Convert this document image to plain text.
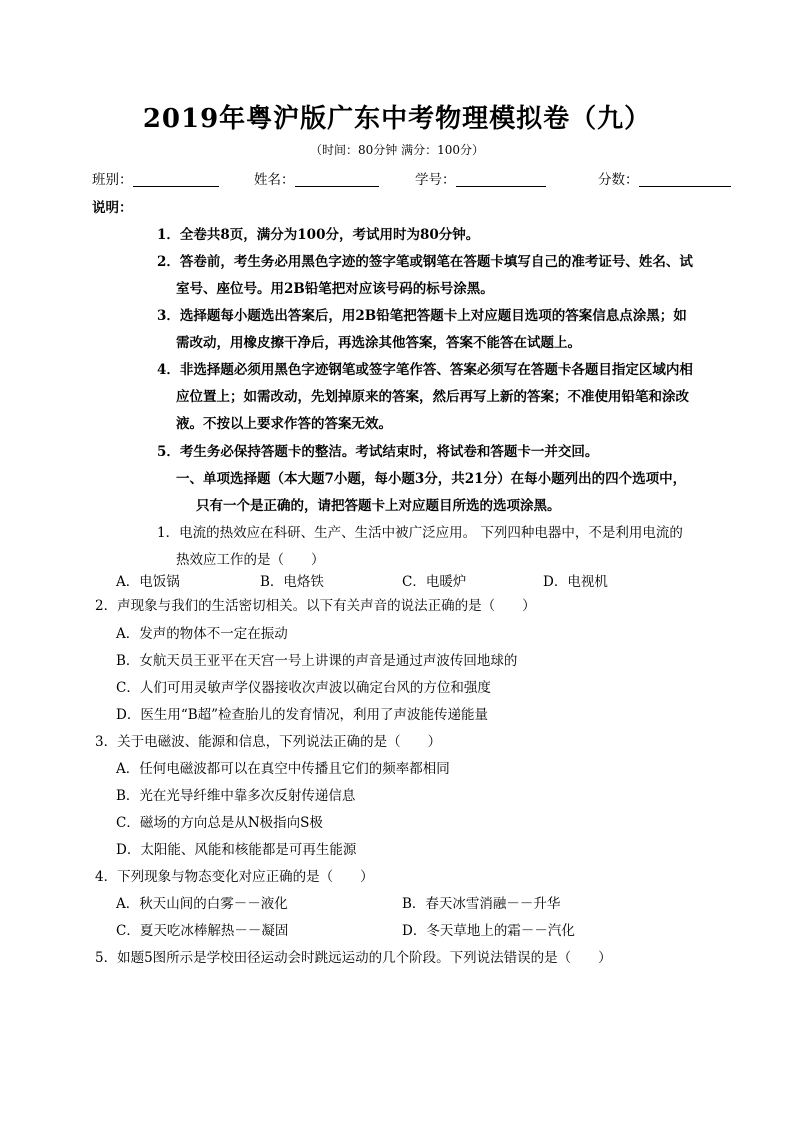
2019年粤沪版广东中考物理模拟卷（九）
（时间：80分钟 满分：100分）
班别：	姓名：	学号：	分数：
说明：
1．全卷共8页，满分为100分，考试用时为80分钟。
2．答卷前，考生务必用黑色字迹的签字笔或钢笔在答题卡填写自己的准考证号、姓名、试
室号、座位号。用2B铅笔把对应该号码的标号涂黑。
3．选择题每小题选出答案后，用2B铅笔把答题卡上对应题目选项的答案信息点涂黑；如
需改动，用橡皮擦干净后，再选涂其他答案，答案不能答在试题上。
4．非选择题必须用黑色字迹钢笔或签字笔作答、答案必须写在答题卡各题目指定区域内相
应位置上；如需改动，先划掉原来的答案，然后再写上新的答案；不准使用铅笔和涂改
液。不按以上要求作答的答案无效。
5．考生务必保持答题卡的整洁。考试结束时，将试卷和答题卡一并交回。
一、单项选择题（本大题7小题，每小题3分，共21分）在每小题列出的四个选项中，
只有一个是正确的，请把答题卡上对应题目所选的选项涂黑。
1．电流的热效应在科研、生产、生活中被广泛应用。 下列四种电器中，不是利用电流的
热效应工作的是（　　）
A．电饭锅	B．电烙铁	C．电暖炉	D．电视机
2．声现象与我们的生活密切相关。以下有关声音的说法正确的是（　　）
A．发声的物体不一定在振动
B．女航天员王亚平在天宫一号上讲课的声音是通过声波传回地球的
C．人们可用灵敏声学仪器接收次声波以确定台风的方位和强度
D．医生用“B超”检查胎儿的发育情况，利用了声波能传递能量
3．关于电磁波、能源和信息，下列说法正确的是（　　）
A．任何电磁波都可以在真空中传播且它们的频率都相同
B．光在光导纤维中靠多次反射传递信息
C．磁场的方向总是从N极指向S极
D．太阳能、风能和核能都是可再生能源
4．下列现象与物态变化对应正确的是（　　）
A．秋天山间的白雾－－液化	B．春天冰雪消融－－升华
C．夏天吃冰棒解热－－凝固	D．冬天草地上的霜－－汽化
5．如题5图所示是学校田径运动会时跳远运动的几个阶段。下列说法错误的是（　　）
